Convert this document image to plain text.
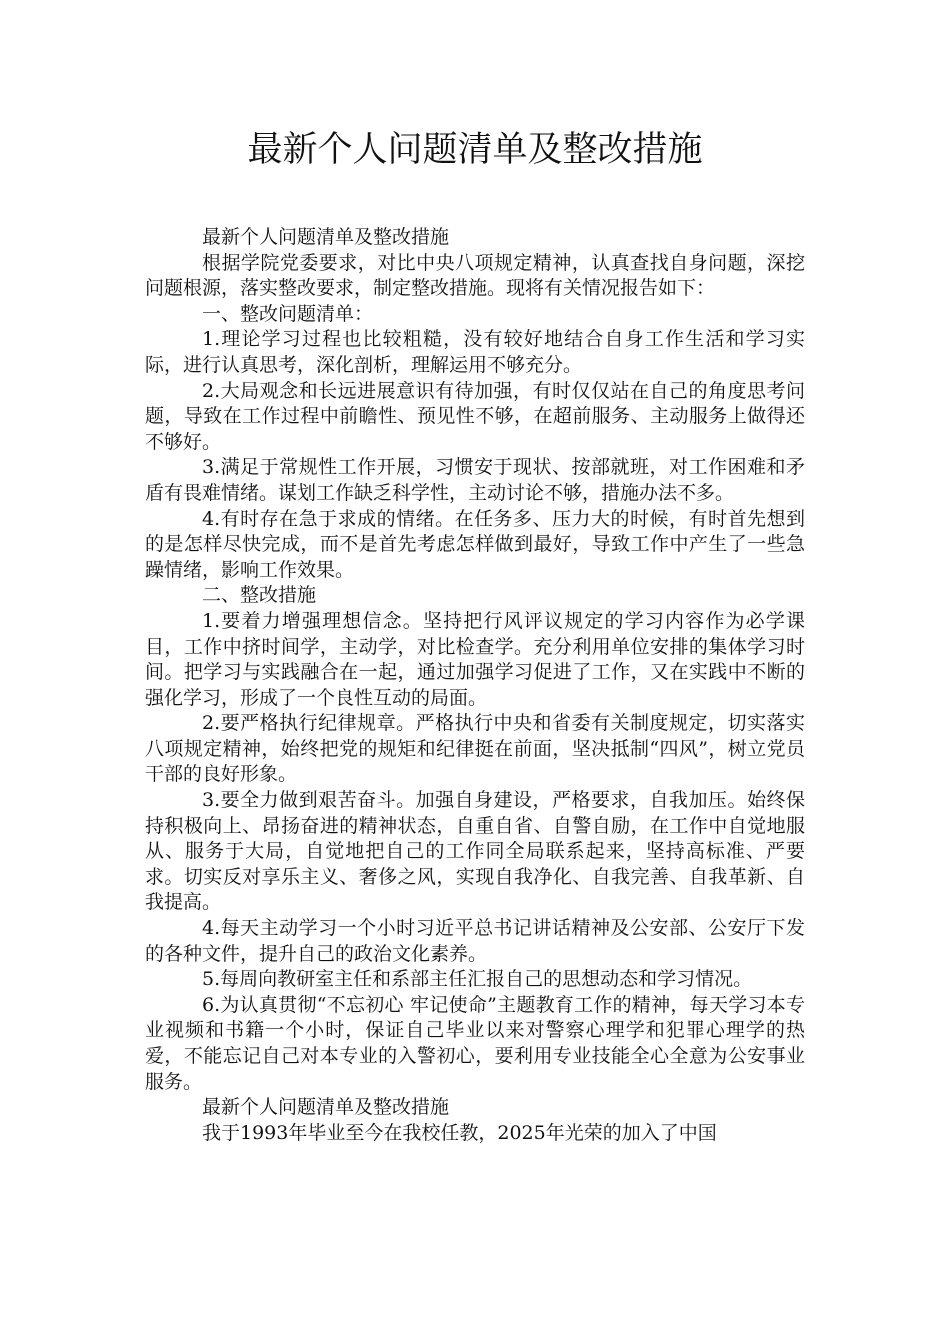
最新个人问题清单及整改措施

最新个人问题清单及整改措施

根据学院党委要求，对比中央八项规定精神，认真查找自身问题，深挖问题根源，落实整改要求，制定整改措施。现将有关情况报告如下：

一、整改问题清单：

1.理论学习过程也比较粗糙，没有较好地结合自身工作生活和学习实际，进行认真思考，深化剖析，理解运用不够充分。

2.大局观念和长远进展意识有待加强，有时仅仅站在自己的角度思考问题，导致在工作过程中前瞻性、预见性不够，在超前服务、主动服务上做得还不够好。

3.满足于常规性工作开展，习惯安于现状、按部就班，对工作困难和矛盾有畏难情绪。谋划工作缺乏科学性，主动讨论不够，措施办法不多。

4.有时存在急于求成的情绪。在任务多、压力大的时候，有时首先想到的是怎样尽快完成，而不是首先考虑怎样做到最好，导致工作中产生了一些急躁情绪，影响工作效果。

二、整改措施

1.要着力增强理想信念。坚持把行风评议规定的学习内容作为必学课目，工作中挤时间学，主动学，对比检查学。充分利用单位安排的集体学习时间。把学习与实践融合在一起，通过加强学习促进了工作，又在实践中不断的强化学习，形成了一个良性互动的局面。

2.要严格执行纪律规章。严格执行中央和省委有关制度规定，切实落实八项规定精神，始终把党的规矩和纪律挺在前面，坚决抵制“四风”，树立党员干部的良好形象。

3.要全力做到艰苦奋斗。加强自身建设，严格要求，自我加压。始终保持积极向上、昂扬奋进的精神状态，自重自省、自警自励，在工作中自觉地服从、服务于大局，自觉地把自己的工作同全局联系起来，坚持高标准、严要求。切实反对享乐主义、奢侈之风，实现自我净化、自我完善、自我革新、自我提高。

4.每天主动学习一个小时习近平总书记讲话精神及公安部、公安厅下发的各种文件，提升自己的政治文化素养。

5.每周向教研室主任和系部主任汇报自己的思想动态和学习情况。

6.为认真贯彻“不忘初心 牢记使命”主题教育工作的精神，每天学习本专业视频和书籍一个小时，保证自己毕业以来对警察心理学和犯罪心理学的热爱，不能忘记自己对本专业的入警初心，要利用专业技能全心全意为公安事业服务。

最新个人问题清单及整改措施

我于1993年毕业至今在我校任教，2025年光荣的加入了中国
